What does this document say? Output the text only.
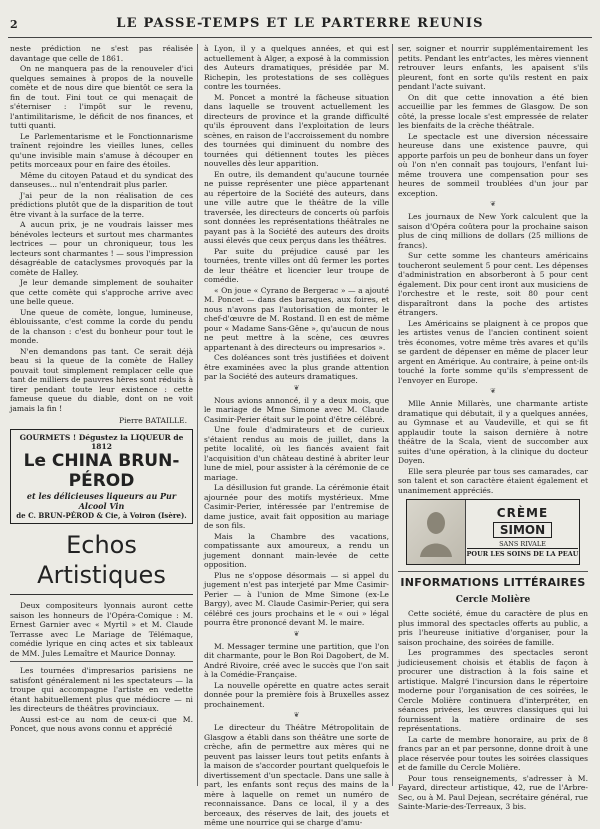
2	LE PASSE-TEMPS ET LE PARTERRE REUNIS

neste prédiction ne s'est pas réalisée davantage que celle de 1861.

On ne manquera pas de la renouveler d'ici quelques semaines à propos de la nouvelle comète et de nous dire que bientôt ce sera la fin de tout. Fini tout ce qui menaçait de s'éterniser : l'impôt sur le revenu, l'antimilitarisme, le déficit de nos finances, et tutti quanti.

Le Parlementarisme et le Fonctionnarisme traînent rejoindre les vieilles lunes, celles qu'une invisible main s'amuse à découper en petits morceaux pour en faire des étoiles.

Même du citoyen Pataud et du syndicat des danseuses... nul n'entendrait plus parler.

J'ai peur de la non réalisation de ces prédictions plutôt que de la disparition de tout être vivant à la surface de la terre.

A aucun prix, je ne voudrais laisser mes bénévoles lecteurs et surtout mes charmantes lectrices — pour un chroniqueur, tous les lecteurs sont charmantes ! — sous l'impression désagréable de cataclysmes provoqués par la comète de Halley.

Je leur demande simplement de souhaiter que cette comète qui s'approche arrive avec une belle queue.

Une queue de comète, longue, lumineuse, éblouissante, c'est comme la corde du pendu de la chanson : c'est du bonheur pour tout le monde.

N'en demandons pas tant. Ce serait déjà beau si la queue de la comète de Halley pouvait tout simplement remplacer celle que tant de milliers de pauvres hères sont réduits à tirer pendant toute leur existence : cette fameuse queue du diable, dont on ne voit jamais la fin !

Pierre BATAILLE.
GOURMETS ! Dégustez la LIQUEUR de 1812
Le CHINA BRUN-PÉROD
et les délicieuses liqueurs au Pur Alcool Vin
de C. BRUN-PÉROD & Cie, à Voiron (Isère).
Echos Artistiques

Deux compositeurs lyonnais auront cette saison les honneurs de l'Opéra-Comique : M. Ernest Garnier avec « Myrtil » et M. Claude Terrasse avec Le Mariage de Télémaque, comédie lyrique en cinq actes et six tableaux de MM. Jules Lemaître et Maurice Donnay.

Les tournées d'impresarios parisiens ne satisfont généralement ni les spectateurs — la troupe qui accompagne l'artiste en vedette étant habituellement plus que médiocre — ni les directeurs de théâtres provinciaux.

Aussi est-ce au nom de ceux-ci que M. Poncet, que nous avons connu et apprécié

à Lyon, il y a quelques années, et qui est actuellement à Alger, a exposé à la commission des Auteurs dramatiques, présidée par M. Richepin, les protestations de ses collègues contre les tournées.

M. Poncet a montré la fâcheuse situation dans laquelle se trouvent actuellement les directeurs de province et la grande difficulté qu'ils éprouvent dans l'exploitation de leurs scènes, en raison de l'accroissement du nombre des tournées qui diminuent du nombre des tournées qui détiennent toutes les pièces nouvelles dès leur apparition.

En outre, ils demandent qu'aucune tournée ne puisse représenter une pièce appartenant au répertoire de la Société des auteurs, dans une ville autre que le théâtre de la ville traversée, les directeurs de concerts où parfois sont données les représentations théâtrales ne payant pas à la Société des auteurs des droits aussi élevés que ceux perçus dans les théâtres.

Par suite du préjudice causé par les tournées, trente villes ont dû fermer les portes de leur théâtre et licencier leur troupe de comédie.

« On joue « Cyrano de Bergerac » — a ajouté M. Poncet — dans des baraques, aux foires, et nous n'avons pas l'autorisation de monter le chef-d'œuvre de M. Rostand. Il en est de même pour « Madame Sans-Gêne », qu'aucun de nous ne peut mettre à la scène, ces œuvres appartenant à des directeurs ou impresarios ».

Ces doléances sont très justifiées et doivent être examinées avec la plus grande attention par la Société des auteurs dramatiques.

❦

Nous avions annoncé, il y a deux mois, que le mariage de Mme Simone avec M. Claude Casimir-Perier était sur le point d'être célébré.

Une foule d'admirateurs et de curieux s'étaient rendus au mois de juillet, dans la petite localité, où les fiancés avaient fait l'acquisition d'un château destiné à abriter leur lune de miel, pour assister à la cérémonie de ce mariage.

La désillusion fut grande. La cérémonie était ajournée pour des motifs mystérieux. Mme Casimir-Perier, intéressée par l'entremise de dame justice, avait fait opposition au mariage de son fils.

Mais la Chambre des vacations, compatissante aux amoureux, a rendu un jugement donnant main-levée de cette opposition.

Plus ne s'oppose désormais — si appel du jugement n'est pas interjeté par Mme Casimir-Perier — à l'union de Mme Simone (ex-Le Bargy), avec M. Claude Casimir-Perier, qui sera célébré ces jours prochains et le « oui » légal pourra être prononcé devant M. le maire.

❦

M. Messager termine une partition, que l'on dit charmante, pour le Bon Roi Dagobert, de M. André Rivoire, créé avec le succès que l'on sait à la Comédie-Française.

La nouvelle opérette en quatre actes serait donnée pour la première fois à Bruxelles assez prochainement.

❦

Le directeur du Théâtre Métropolitain de Glasgow a établi dans son théâtre une sorte de crèche, afin de permettre aux mères qui ne peuvent pas laisser leurs tout petits enfants à la maison de s'accorder pourtant quelquefois le divertissement d'un spectacle. Dans une salle à part, les enfants sont reçus des mains de la mère à laquelle on remet un numéro de reconnaissance. Dans ce local, il y a des berceaux, des réserves de lait, des jouets et même une nourrice qui se charge d'amu-

ser, soigner et nourrir supplémentairement les petits. Pendant les entr'actes, les mères viennent retrouver leurs enfants, les apaisent s'ils pleurent, font en sorte qu'ils restent en paix pendant l'acte suivant.

On dit que cette innovation a été bien accueillie par les femmes de Glasgow. De son côté, la presse locale s'est empressée de relater les bienfaits de la crèche théâtrale.

Le spectacle est une diversion nécessaire heureuse dans une existence pauvre, qui apporte parfois un peu de bonheur dans un foyer où l'on n'en connaît pas toujours, l'enfant lui-même trouvera une compensation pour ses heures de sommeil troublées d'un jour par exception.

❦

Les journaux de New York calculent que la saison d'Opéra coûtera pour la prochaine saison plus de cinq millions de dollars (25 millions de francs).

Sur cette somme les chanteurs américains toucheront seulement 5 pour cent. Les dépenses d'administration en absorberont à 5 pour cent également. Dix pour cent iront aux musiciens de l'orchestre et le reste, soit 80 pour cent disparaîtront dans la poche des artistes étrangers.

Les Américains se plaignent à ce propos que les artistes venus de l'ancien continent soient très économes, votre même très avares et qu'ils se gardent de dépenser en même de placer leur argent en Amérique. Au contraire, à peine ont-ils touché la forte somme qu'ils s'empressent de l'envoyer en Europe.

❦

Mlle Annie Millarès, une charmante artiste dramatique qui débutait, il y a quelques années, au Gymnase et au Vaudeville, et qui se fit applaudir toute la saison dernière à notre théâtre de la Scala, vient de succomber aux suites d'une opération, à la clinique du docteur Doyen.

Elle sera pleurée par tous ses camarades, car son talent et son caractère étaient également et unanimement appréciés.

CRÈME
SIMON
SANS RIVALE
POUR LES SOINS DE LA PEAU
INFORMATIONS LITTÉRAIRES
Cercle Molière

Cette société, émue du caractère de plus en plus immoral des spectacles offerts au public, a pris l'heureuse initiative d'organiser, pour la saison prochaine, des soirées de famille.

Les programmes des spectacles seront judicieusement choisis et établis de façon à procurer une distraction à la fois saine et artistique. Malgré l'incursion dans le répertoire moderne pour l'organisation de ces soirées, le Cercle Molière continuera d'interpréter, en séances privées, les œuvres classiques qui lui fournissent la matière ordinaire de ses représentations.

La carte de membre honoraire, au prix de 8 francs par an et par personne, donne droit à une place réservée pour toutes les soirées classiques et de famille du Cercle Molière.

Pour tous renseignements, s'adresser à M. Fayard, directeur artistique, 42, rue de l'Arbre-Sec, ou à M. Paul Dejean, secrétaire général, rue Sainte-Marie-des-Terreaux, 3 bis.
